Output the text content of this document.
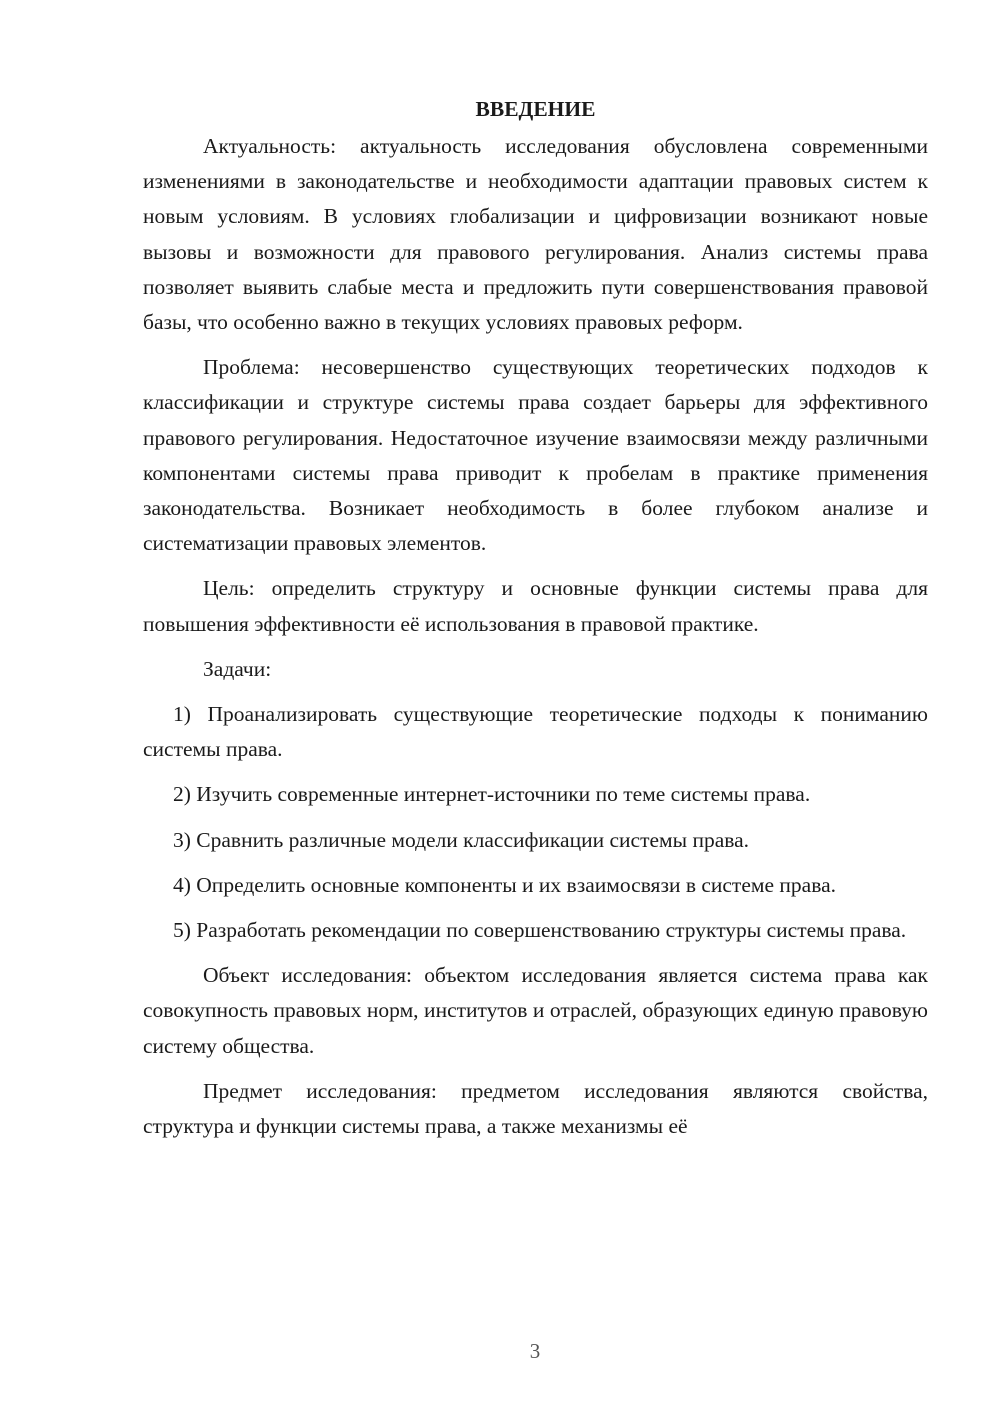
ВВЕДЕНИЕ

Актуальность: актуальность исследования обусловлена современными изменениями в законодательстве и необходимости адаптации правовых систем к новым условиям. В условиях глобализации и цифровизации возникают новые вызовы и возможности для правового регулирования. Анализ системы права позволяет выявить слабые места и предложить пути совершенствования правовой базы, что особенно важно в текущих условиях правовых реформ.

Проблема: несовершенство существующих теоретических подходов к классификации и структуре системы права создает барьеры для эффективного правового регулирования. Недостаточное изучение взаимосвязи между различными компонентами системы права приводит к пробелам в практике применения законодательства. Возникает необходимость в более глубоком анализе и систематизации правовых элементов.

Цель: определить структуру и основные функции системы права для повышения эффективности её использования в правовой практике.

Задачи:

1) Проанализировать существующие теоретические подходы к пониманию системы права.

2) Изучить современные интернет-источники по теме системы права.

3) Сравнить различные модели классификации системы права.

4) Определить основные компоненты и их взаимосвязи в системе права.

5) Разработать рекомендации по совершенствованию структуры системы права.

Объект исследования: объектом исследования является система права как совокупность правовых норм, институтов и отраслей, образующих единую правовую систему общества.

Предмет исследования: предметом исследования являются свойства, структура и функции системы права, а также механизмы её

3
